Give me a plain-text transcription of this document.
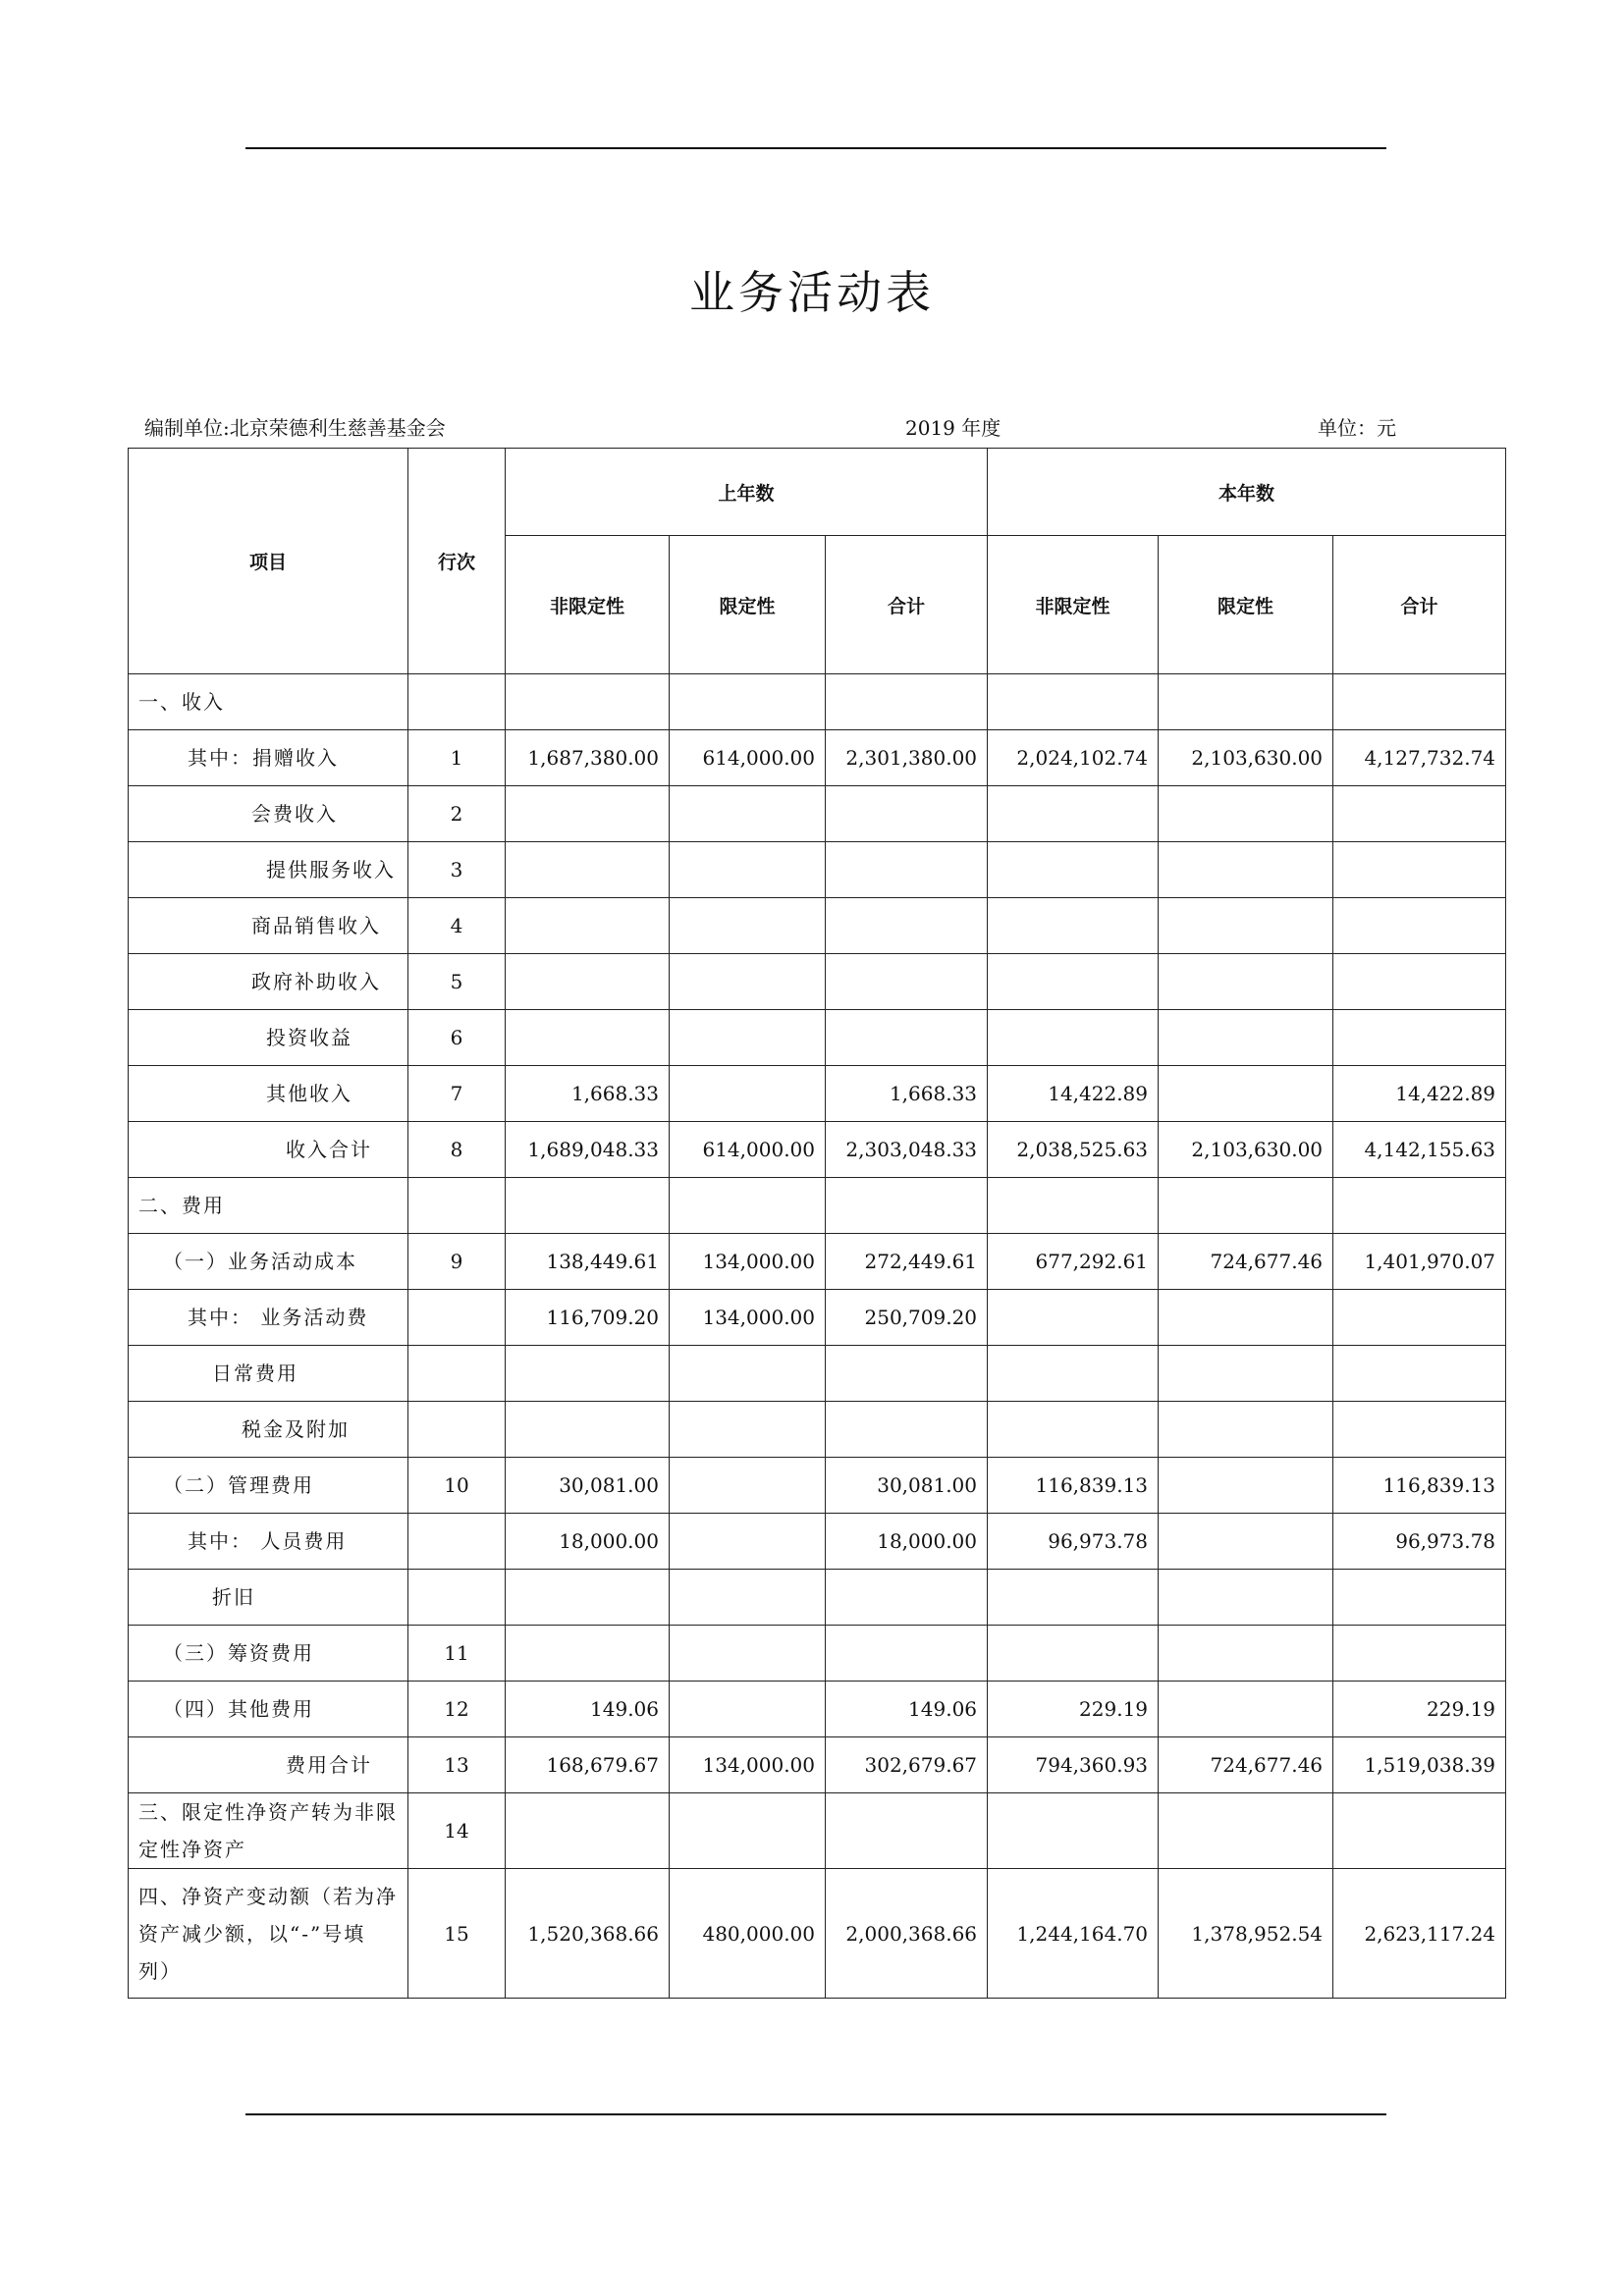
业务活动表
编制单位:北京荣德利生慈善基金会	2019 年度	单位：元
项目	行次	上年数			本年数		
		非限定性	限定性	合计	非限定性	限定性	合计
一、收入							
其中：捐赠收入	1	1,687,380.00	614,000.00	2,301,380.00	2,024,102.74	2,103,630.00	4,127,732.74
会费收入	2						
提供服务收入	3						
商品销售收入	4						
政府补助收入	5						
投资收益	6						
其他收入	7	1,668.33		1,668.33	14,422.89		14,422.89
收入合计	8	1,689,048.33	614,000.00	2,303,048.33	2,038,525.63	2,103,630.00	4,142,155.63
二、费用							
（一）业务活动成本	9	138,449.61	134,000.00	272,449.61	677,292.61	724,677.46	1,401,970.07
其中： 业务活动费		116,709.20	134,000.00	250,709.20			
日常费用							
税金及附加							
（二）管理费用	10	30,081.00		30,081.00	116,839.13		116,839.13
其中： 人员费用		18,000.00		18,000.00	96,973.78		96,973.78
折旧							
（三）筹资费用	11						
（四）其他费用	12	149.06		149.06	229.19		229.19
费用合计	13	168,679.67	134,000.00	302,679.67	794,360.93	724,677.46	1,519,038.39
三、限定性净资产转为非限定性净资产	14						
四、净资产变动额（若为净资产减少额，以“-”号填列）	15	1,520,368.66	480,000.00	2,000,368.66	1,244,164.70	1,378,952.54	2,623,117.24
